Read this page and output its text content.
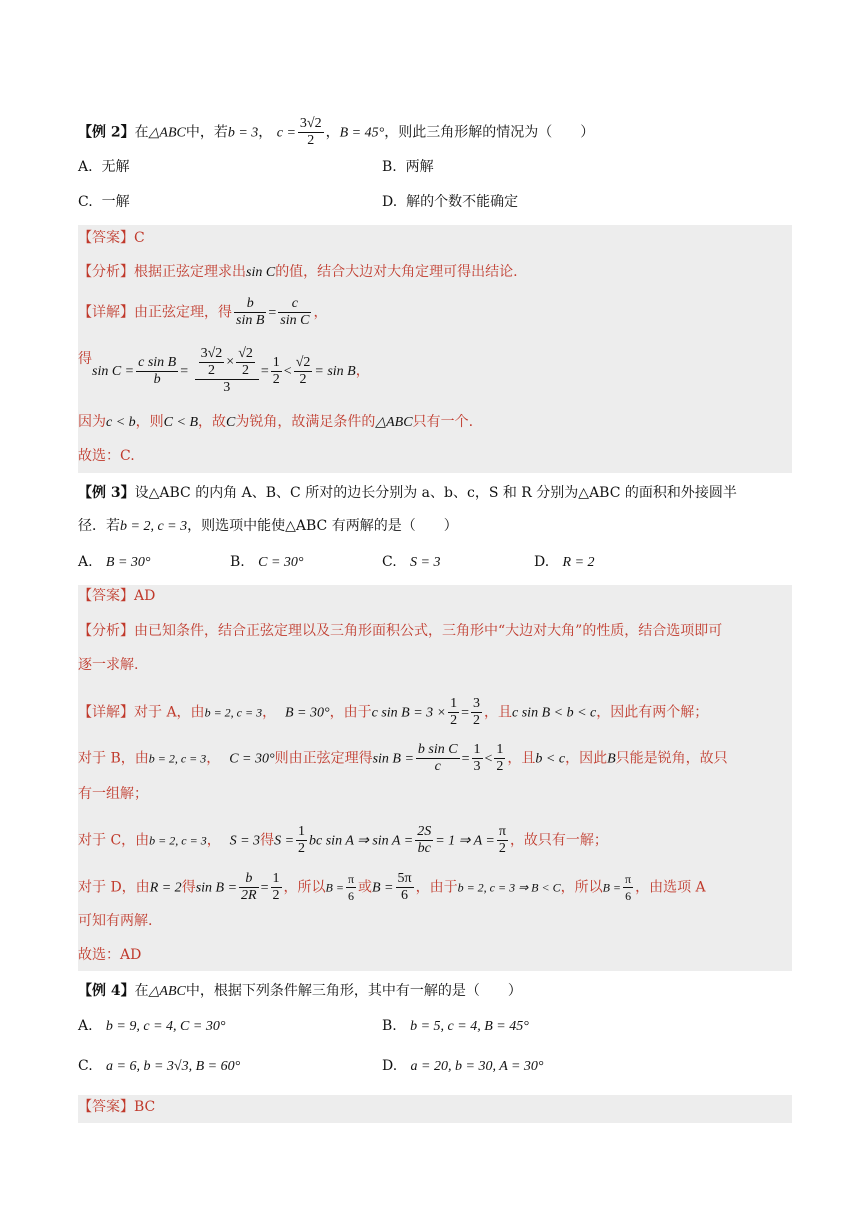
【例 2】在△ABC中，若b = 3， $c = \frac{3√2}{2}$ ，B = 45°，则此三角形解的情况为（　　）
A. 无解	B. 两解
C. 一解	D. 解的个数不能确定
【答案】C
【分析】根据正弦定理求出sin C的值，结合大边对大角定理可得出结论.
【详解】由正弦定理，得 $\frac{b}{\text{sin B}} = \frac{c}{\text{sin C}}$ ，
得$\sin C = \frac{\text{c sin B}}{b} = \frac{\frac{3√2}{2} \times \frac{√2}{2}}{3} = \frac{1}{2} < \frac{√2}{2} = \sin B$，
因为c < b，则C < B，故C为锐角，故满足条件的△ABC只有一个.
故选：C.
【例 3】设△ABC 的内角 A、B、C 所对的边长分别为 a、b、c，S 和 R 分别为△ABC 的面积和外接圆半
径．若b = 2, c = 3，则选项中能使△ABC 有两解的是（　　）
A. B = 30°	B. C = 30°	C. S = 3	D. R = 2
【答案】AD
【分析】由已知条件，结合正弦定理以及三角形面积公式，三角形中“大边对大角”的性质，结合选项即可
逐一求解.
【详解】对于 A，由b = 2, c = 3， B = 30°，由于c $\sin B = 3 \times \frac{1}{2} = \frac{3}{2}$ ，且c sin B < b < c，因此有两个解；
对于 B，由b = 2, c = 3， C = 30°则由正弦定理得$\sin B = \frac{\text{b sin C}}{c} = \frac{1}{3} < \frac{1}{2}$ ，且b < c，因此B只能是锐角，故只
有一组解；
对于 C，由b = 2, c = 3， S = 3得$S = \frac{1}{2}$ bc sin A ⇒ $\sin A = \frac{2S}{bc} = 1$ ⇒ $A = \frac{\pi}{2}$ ，故只有一解；
对于 D，由R = 2得$\sin B = \frac{b}{2R} = \frac{1}{2}$ ，所以$B = \frac{\pi}{6}$ 或$B = \frac{5\pi}{6}$ ，由于b = 2, c = 3 ⇒ B < C，所以$B = \frac{\pi}{6}$ ，由选项 A
可知有两解.
故选：AD
【例 4】在△ABC中，根据下列条件解三角形，其中有一解的是（　　）
A. b = 9, c = 4, C = 30°	B. b = 5, c = 4, B = 45°
C. a = 6, b = 3√3, B = 60°	D. a = 20, b = 30, A = 30°
【答案】BC
